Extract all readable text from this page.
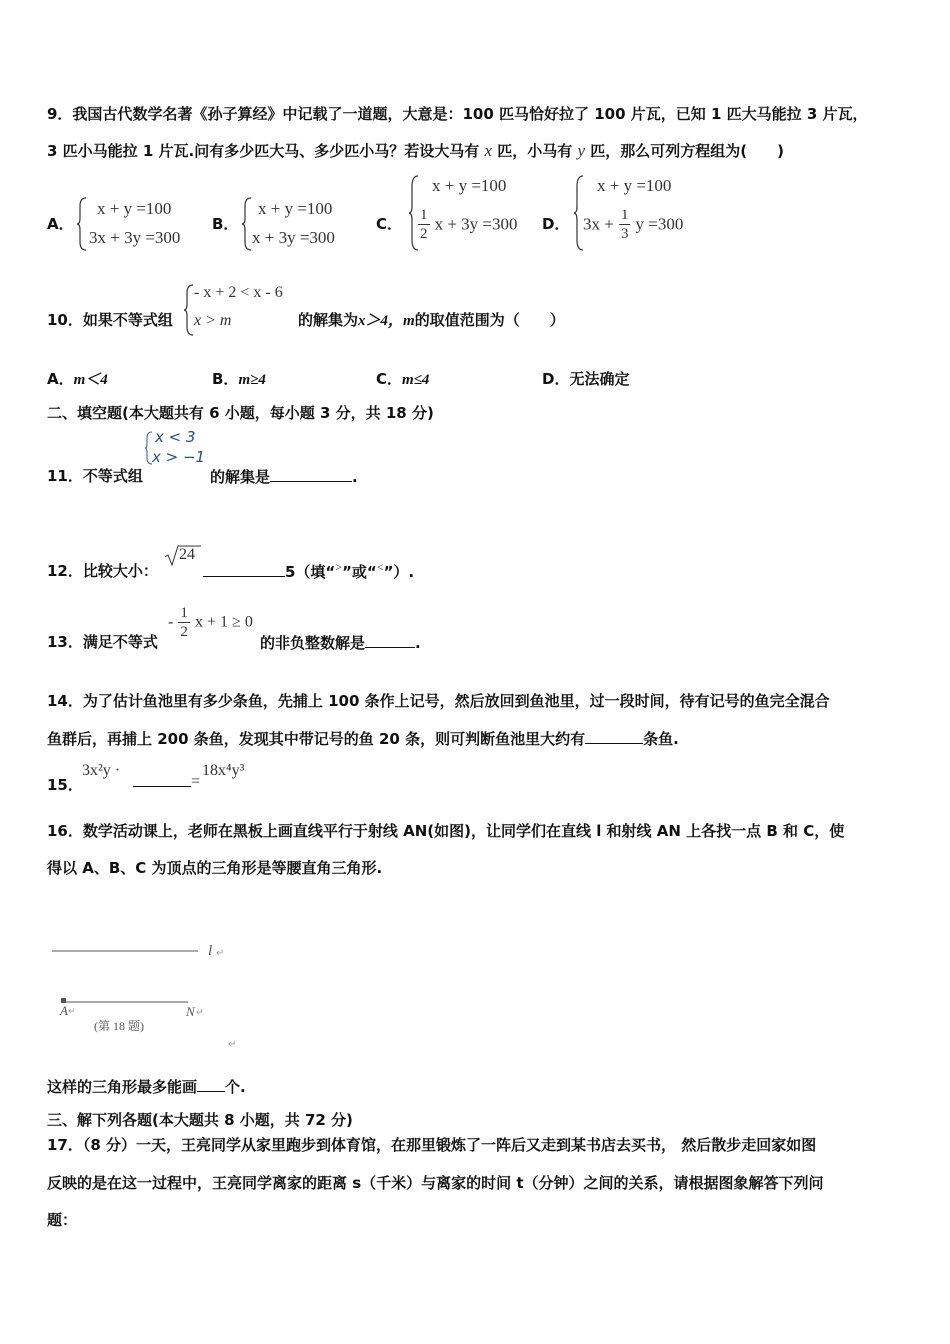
9．我国古代数学名著《孙子算经》中记载了一道题，大意是：100 匹马恰好拉了 100 片瓦，已知 1 匹大马能拉 3 片瓦，
3 匹小马能拉 1 片瓦.问有多少匹大马、多少匹小马？若设大马有 x 匹，小马有 y 匹，那么可列方程组为(　　)
A．
x + y =100
3x + 3y =300
B．
x + y =100
x + 3y =300
C．
x + y =100
$\frac{1}{2}$ x + 3y =300 D．
x + y =100
$3x + \frac{1}{3}$ y =300
10．如果不等式组
- x + 2 < x - 6
x > m	的解集为x＞4，m的取值范围为（　　）
A．m＜4	B．m≥4	C．m≤4	D．无法确定
二、填空题(本大题共有 6 小题，每小题 3 分，共 18 分)
x < 3
x > −1
11．不等式组	的解集是	.
12．比较大小：
24
5（填“>”或“<”）.
13．满足不等式
- $\frac{1}{2}$ x + 1 ≥ 0
的非负整数解是	.
14．为了估计鱼池里有多少条鱼，先捕上 100 条作上记号，然后放回到鱼池里，过一段时间，待有记号的鱼完全混合
鱼群后，再捕上 200 条鱼，发现其中带记号的鱼 20 条，则可判断鱼池里大约有	条鱼.
15．
3x²y ·
=
18x⁴y³
16．数学活动课上，老师在黑板上画直线平行于射线 AN(如图)，让同学们在直线 l 和射线 AN 上各找一点 B 和 C，使
得以 A、B、C 为顶点的三角形是等腰直角三角形.
l ↵
A ↵	N ↵
(第 18 题)
↵
这样的三角形最多能画 个.
三、解下列各题(本大题共 8 小题，共 72 分)
17．（8 分）一天，王亮同学从家里跑步到体育馆，在那里锻炼了一阵后又走到某书店去买书， 然后散步走回家如图
反映的是在这一过程中，王亮同学离家的距离 s（千米）与离家的时间 t（分钟）之间的关系，请根据图象解答下列问
题：
